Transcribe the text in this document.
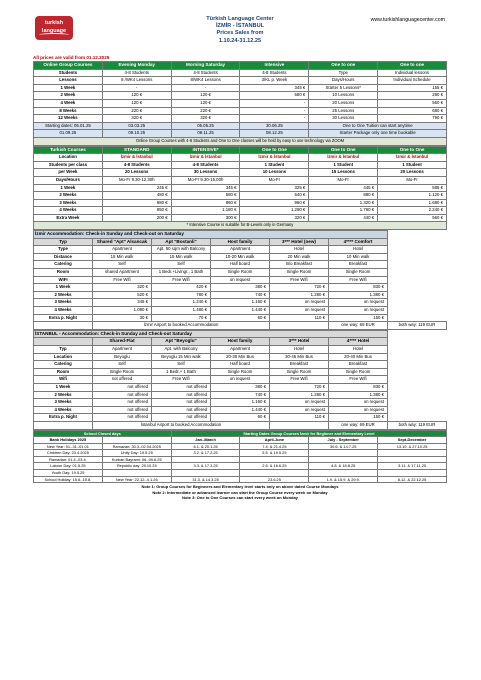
turkish language
Türkish Language Center
İZMİR - İSTANBUL
Prices Sales from
1.10.24-31.12.25
www.turkishlanguagecenter.com
All prices are valid from 01.12.2025
Online Group Courses	Evening Monday	Morning Saturday	Intensive	One to one	One to one
Students	4-8 Students	4-8 Students	4-8 Students	Type	Individual lessons
Lessons	8 /WK4 Lessons	8/WK4 Lessons	3/KL p. Week	Days/Hours	Individual Schedule
1 Week	-	-	345 €	Starter 5 Lessons*	155 €
2 Week	120 €	120 €	580 €	10 Lessons	280 €
4 Week	120 €	120 €	-	20 Lessons	560 €
8 Weeks	220 €	220 €	-	25 Lessons	680 €
12 Weeks	320 €	320 €	-	30 Lessons	790 €
Starting dates: 05.01.25	03.03.25	05.05.25	30.06.25	One to One Tuition can start anytime	
01.09.25	09.10.25	08.11.25	08.12.25	Starter Package only one time bookable	
Online Group Courses with 4-8 Students and One to One classes will be held by easy to use technology via ZOOM					
Turkish Courses	STANDARD	INTENSIVE*	One to One	One to One	One to One
Location	İzmir & İstanbul	İzmir & İstanbul	İzmir & İstanbul	İzmir & İstanbul	İzmir & İstanbul
Students per class	4-8 Students	4-8 Students	1 Student	1 Student	1 Student
per Week	20 Lessons	30 Lessons	10 Lessons	15 Lessons	20 Lessons
Days/Hours	Mo-Fr 9.30-12.30h	Mo-Fr 9.30-15.00h	Mo-Fr	Mo-Fr	Mo-Fr
1 Week	245 €	345 €	325 €	445 €	585 €
2 Weeks	480 €	580 €	640 €	880 €	1.120 €
3 Weeks	680 €	860 €	960 €	1.320 €	1.680 €
4 Weeks	850 €	1.180 €	1.280 €	1.760 €	2.240 €
Extra Week	200 €	300 €	320 €	440 €	560 €
* Intensive Course is suitable for B-Levels only in Germany					
İzmir Accommodation: Check-in Sunday and Check-out on Saturday						
Typ	Shared "Apt" Alsancak	Apt "Bostanli"	Host family	3*** Hotel (new)	4**** Comfort	
Type	Apartment	Apt. 50 sqm with Balcony	Apartment	Hotel	Hotel	
Distance	15 Min walk	15 Min walk	10-20 Min walk	20 Min walk	10 Min walk	
Catering	Self	Self	Half board	B/o Breakfast	Breakfast	
Room	shared Apartment	1 Bedr.+Livingr., 1 Bath	Single Room	Single Room	Single Room	
WIFI	Free Wifi	Free Wifi	on request	Free Wifi	Free Wifi	
1 Week	320 €	420 €	380 €	720 €	830 €	
2 Weeks	520 €	780 €	740 €	1.280 €	1.380 €	
3 Weeks	345 €	1.240 €	1.160 €	on request	on request	
4 Weeks	1.080 €	1.480 €	1.440 €	on request	on request	
Extra p. Night	30 €	70 €	60 €	110 €	150 €	
	İzmir Airport to booked Accommodation				one way: 69 EUR	both way: 119 EUR
İSTANBUL - Accommodation: Check-in Sunday and Check-out Saturday						
	Shared-Flat	Apt "Beyoglu"	Host family	3*** Hotel	4**** Hotel	
Typ	Apartment	Apt. with Balcony	Apartment	Hotel	Hotel	
Location	Beyoglu	Beyoglu 15 Min walk	20-30 Min Bus	30-45 Min Bus	20-40 Min Bus	
Catering	Self	Self	Half board	Breakfast	Breakfast	
Room	Single Room	1 Bedr.+ 1 Bath	Single Room	Single Room	Single Room	
Wifi	not offered	Free Wifi	on request	Free Wifi	Free Wifi	
1 Week	not offered	not offered	380 €	720 €	830 €	
2 Weeks	not offered	not offered	740 €	1.280 €	1.380 €	
3 Weeks	not offered	not offered	1.160 €	on request	on request	
4 Weeks	not offered	not offered	1.440 €	on request	on request	
Extra p. Night	not offered	not offered	60 €	110 €	150 €	
	İstanbul Airport to booked Accommodation				one way: 69 EUR	both way: 119 EUR
School Closed days		Starting Dates Group Courses İzmir for Beginner and Elementary Level			
Bank Holidays 2025		Jan.-March	April-June	July - September	Sept-December
New Year: 01.-31.-01.01	Ramazan: 30.3.-02.04.2025	6.1. & 20.1.25	7.4. & 21.4.25	30.6. & 14.7.25	13.10. & 27.10.25
Children Day: 23.4.2025	Unity Day: 19.5.25	3.2. & 17.2.25	5.5. & 19.5.25		
Ramadan: 01.4.-03.4.	Kurban Bayrami: 06.-09.6.25				
Labour Day: 01.5.25	Republic day: 29.10.25	3.3. & 17.3.25	2.6. & 16.6.25	4.8. & 18.8.25	3.11. & 17.11.25
Youth Day: 19.5.25					
School Holiday: 15.6.-15.8.	New Year: 22.12.-4.1.26	31.3. & 14.3.25	23.6.25	1.9. & 15.9. & 29.9.	8.12. & 22.12.25
Note 1: Group Courses for Beginners and Elementary level starts only on above dated Course Mondays
Note 2: Intermediate or advanced learner can start the Group Course every week on Monday
Note 3: One to One Courses can start every week on Monday
